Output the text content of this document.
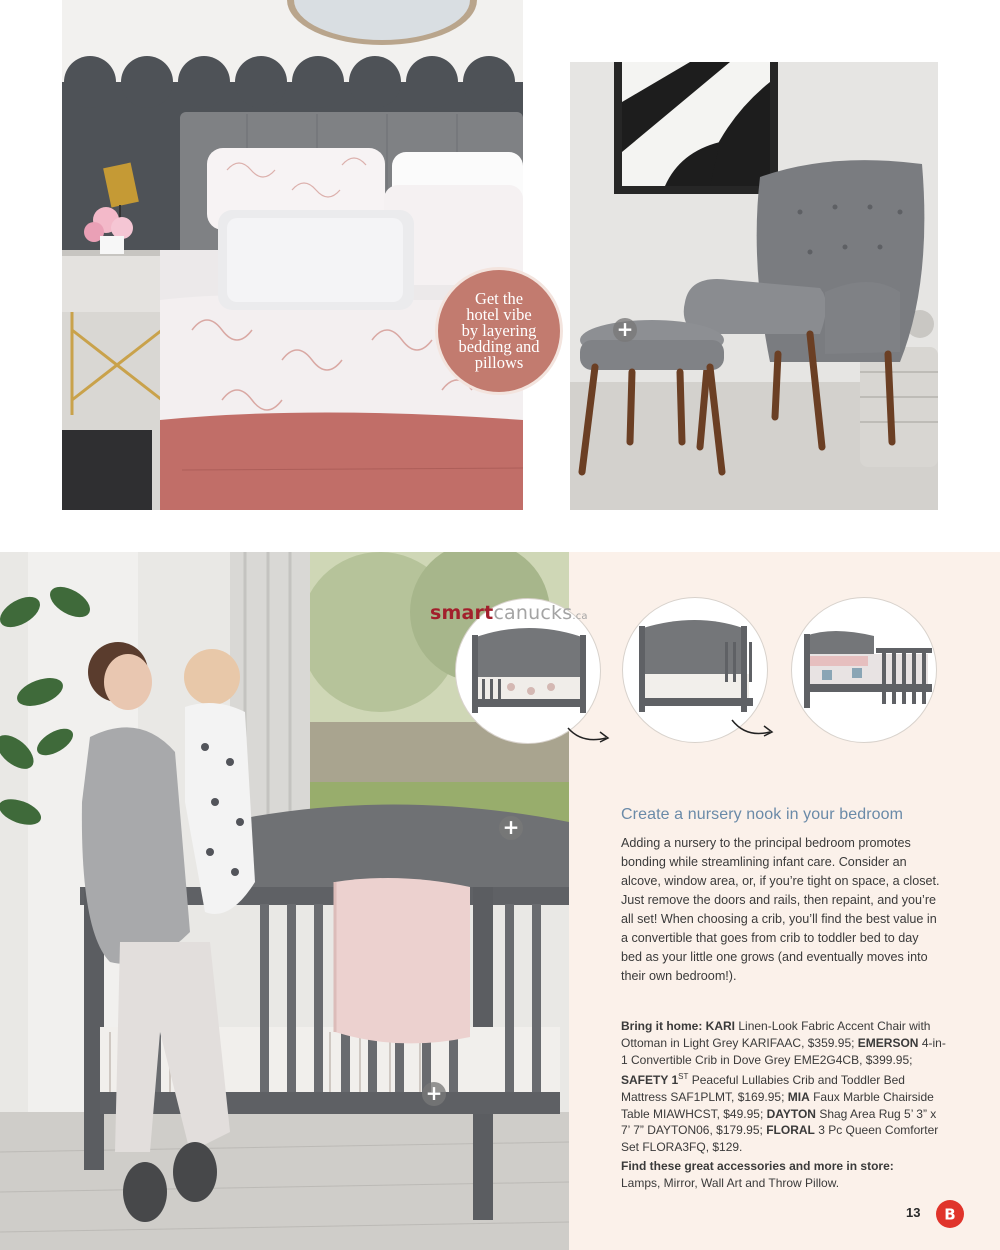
Get the
hotel vibe
by layering
bedding and
pillows
+
+
+
smartcanucks.ca
Create a nursery nook in your bedroom

Adding a nursery to the principal bedroom promotes bonding while streamlining infant care. Consider an alcove, window area, or, if you’re tight on space, a closet. Just remove the doors and rails, then repaint, and you’re all set! When choosing a crib, you’ll find the best value in a convertible that goes from crib to toddler bed to day bed as your little one grows (and eventually moves into their own bedroom!).

Bring it home: KARI Linen-Look Fabric Accent Chair with Ottoman in Light Grey KARIFAAC, $359.95; EMERSON 4-in-1 Convertible Crib in Dove Grey EME2G4CB, $399.95; SAFETY 1ST Peaceful Lullabies Crib and Toddler Bed Mattress SAF1PLMT, $169.95; MIA Faux Marble Chairside Table MIAWHCST, $49.95; DAYTON Shag Area Rug 5’ 3” x 7’ 7” DAYTON06, $179.95; FLORAL 3 Pc Queen Comforter Set FLORA3FQ, $129.

Find these great accessories and more in store:
Lamps, Mirror, Wall Art and Throw Pillow.

13 B
